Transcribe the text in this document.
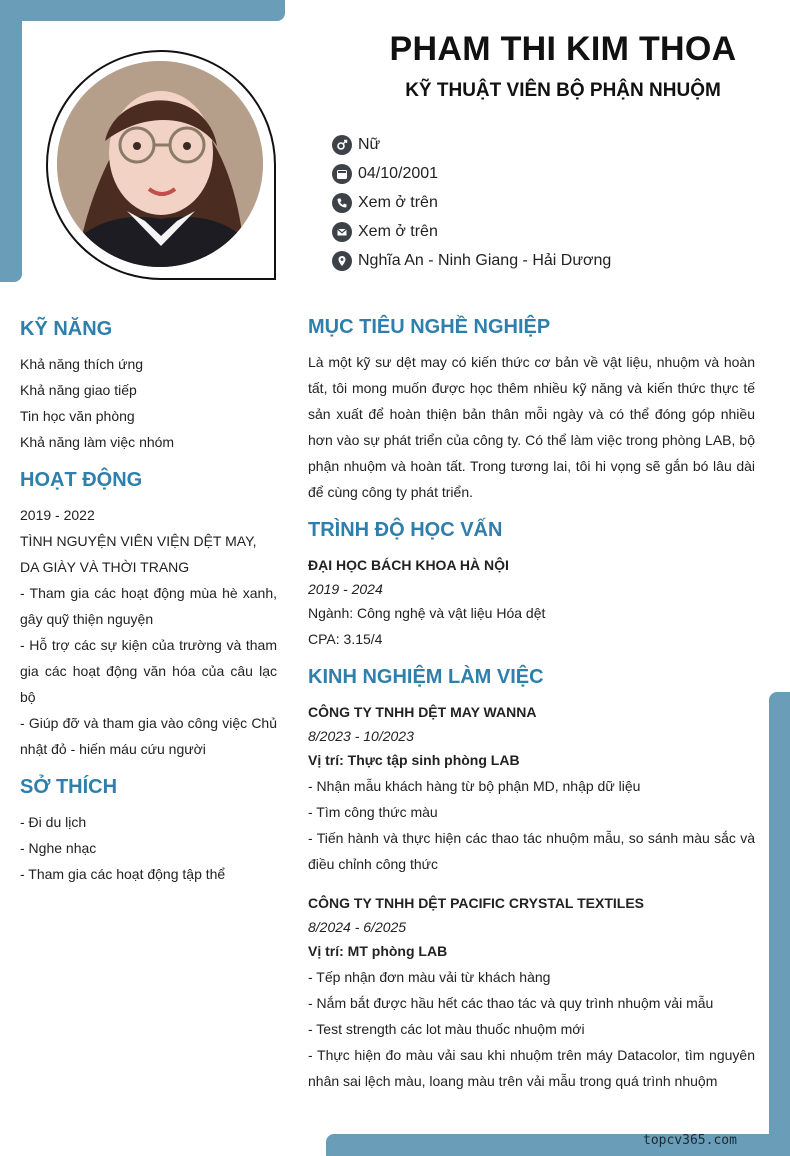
PHAM THI KIM THOA
KỸ THUẬT VIÊN BỘ PHẬN NHUỘM
Nữ
04/10/2001
Xem ở trên
Xem ở trên
Nghĩa An - Ninh Giang - Hải Dương
KỸ NĂNG
Khả năng thích ứng
Khả năng giao tiếp
Tin học văn phòng
Khả năng làm việc nhóm
HOẠT ĐỘNG
2019 - 2022
TÌNH NGUYỆN VIÊN VIỆN DỆT MAY, DA GIÀY VÀ THỜI TRANG
- Tham gia các hoạt động mùa hè xanh, gây quỹ thiện nguyện
- Hỗ trợ các sự kiện của trường và tham gia các hoạt động văn hóa của câu lạc bộ
- Giúp đỡ và tham gia vào công việc Chủ nhật đỏ - hiến máu cứu người
SỞ THÍCH
- Đi du lịch
- Nghe nhạc
- Tham gia các hoạt động tập thể
MỤC TIÊU NGHỀ NGHIỆP
Là một kỹ sư dệt may có kiến thức cơ bản về vật liệu, nhuộm và hoàn tất, tôi mong muốn được học thêm nhiều kỹ năng và kiến thức thực tế sản xuất để hoàn thiện bản thân mỗi ngày và có thể đóng góp nhiều hơn vào sự phát triển của công ty. Có thể làm việc trong phòng LAB, bộ phận nhuộm và hoàn tất. Trong tương lai, tôi hi vọng sẽ gắn bó lâu dài để cùng công ty phát triển.
TRÌNH ĐỘ HỌC VẤN
ĐẠI HỌC BÁCH KHOA HÀ NỘI
2019 - 2024
Ngành: Công nghệ và vật liệu Hóa dệt
CPA: 3.15/4
KINH NGHIỆM LÀM VIỆC
CÔNG TY TNHH DỆT MAY WANNA
8/2023 - 10/2023
Vị trí: Thực tập sinh phòng LAB
- Nhận mẫu khách hàng từ bộ phận MD, nhập dữ liệu
- Tìm công thức màu
- Tiến hành và thực hiện các thao tác nhuộm mẫu, so sánh màu sắc và điều chỉnh công thức
CÔNG TY TNHH DỆT PACIFIC CRYSTAL TEXTILES
8/2024 - 6/2025
Vị trí: MT phòng LAB
- Tếp nhận đơn màu vải từ khách hàng
- Nắm bắt được hầu hết các thao tác và quy trình nhuộm vải mẫu
- Test strength các lot màu thuốc nhuộm mới
- Thực hiện đo màu vải sau khi nhuộm trên máy Datacolor, tìm nguyên nhân sai lệch màu, loang màu trên vải mẫu trong quá trình nhuộm
topcv365.com
